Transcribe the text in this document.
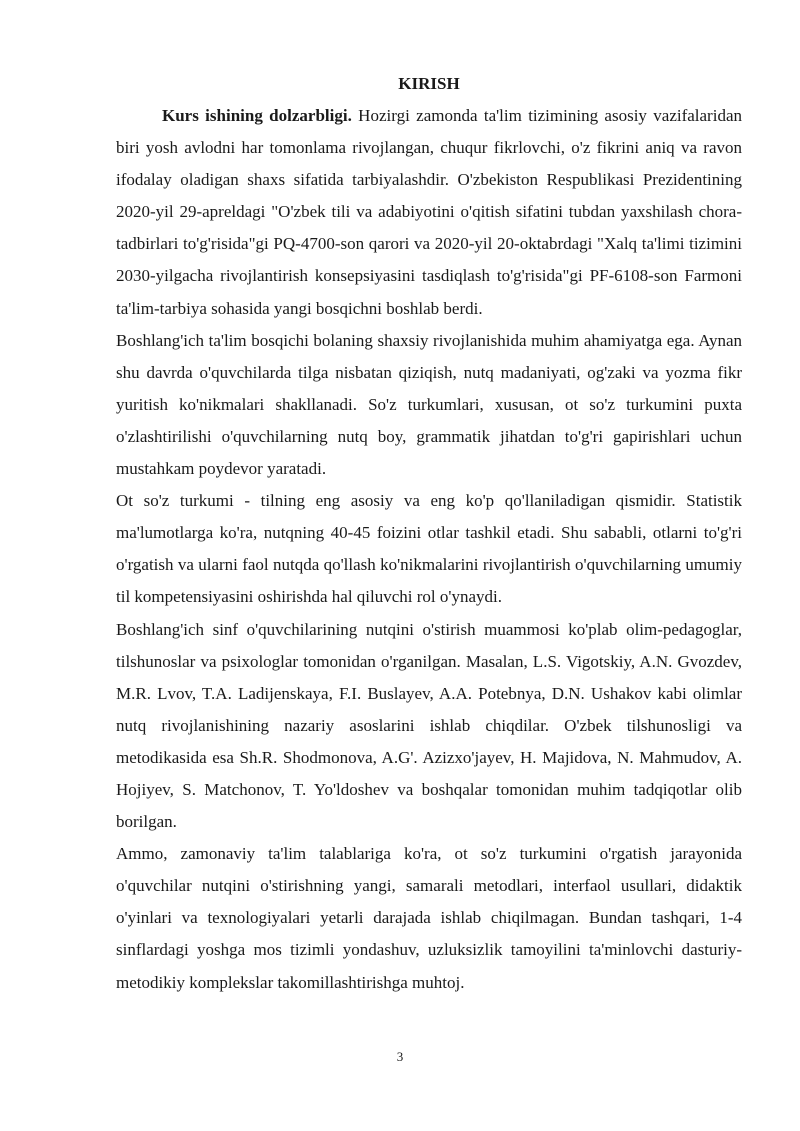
KIRISH

Kurs ishining dolzarbligi. Hozirgi zamonda ta'lim tizimining asosiy vazifalaridan biri yosh avlodni har tomonlama rivojlangan, chuqur fikrlovchi, o'z fikrini aniq va ravon ifodalay oladigan shaxs sifatida tarbiyalashdir. O'zbekiston Respublikasi Prezidentining 2020-yil 29-apreldagi "O'zbek tili va adabiyotini o'qitish sifatini tubdan yaxshilash chora-tadbirlari to'g'risida"gi PQ-4700-son qarori va 2020-yil 20-oktabrdagi "Xalq ta'limi tizimini 2030-yilgacha rivojlantirish konsepsiyasini tasdiqlash to'g'risida"gi PF-6108-son Farmoni ta'lim-tarbiya sohasida yangi bosqichni boshlab berdi.

Boshlang'ich ta'lim bosqichi bolaning shaxsiy rivojlanishida muhim ahamiyatga ega. Aynan shu davrda o'quvchilarda tilga nisbatan qiziqish, nutq madaniyati, og'zaki va yozma fikr yuritish ko'nikmalari shakllanadi. So'z turkumlari, xususan, ot so'z turkumini puxta o'zlashtirilishi o'quvchilarning nutq boy, grammatik jihatdan to'g'ri gapirishlari uchun mustahkam poydevor yaratadi.

Ot so'z turkumi - tilning eng asosiy va eng ko'p qo'llaniladigan qismidir. Statistik ma'lumotlarga ko'ra, nutqning 40-45 foizini otlar tashkil etadi. Shu sababli, otlarni to'g'ri o'rgatish va ularni faol nutqda qo'llash ko'nikmalarini rivojlantirish o'quvchilarning umumiy til kompetensiyasini oshirishda hal qiluvchi rol o'ynaydi.

Boshlang'ich sinf o'quvchilarining nutqini o'stirish muammosi ko'plab olim-pedagoglar, tilshunoslar va psixologlar tomonidan o'rganilgan. Masalan, L.S. Vigotskiy, A.N. Gvozdev, M.R. Lvov, T.A. Ladijenskaya, F.I. Buslayev, A.A. Potebnya, D.N. Ushakov kabi olimlar nutq rivojlanishining nazariy asoslarini ishlab chiqdilar. O'zbek tilshunosligi va metodikasida esa Sh.R. Shodmonova, A.G'. Azizxo'jayev, H. Majidova, N. Mahmudov, A. Hojiyev, S. Matchonov, T. Yo'ldoshev va boshqalar tomonidan muhim tadqiqotlar olib borilgan.

Ammo, zamonaviy ta'lim talablariga ko'ra, ot so'z turkumini o'rgatish jarayonida o'quvchilar nutqini o'stirishning yangi, samarali metodlari, interfaol usullari, didaktik o'yinlari va texnologiyalari yetarli darajada ishlab chiqilmagan. Bundan tashqari, 1-4 sinflardagi yoshga mos tizimli yondashuv, uzluksizlik tamoyilini ta'minlovchi dasturiy-metodikiy komplekslar takomillashtirishga muhtoj.

3
